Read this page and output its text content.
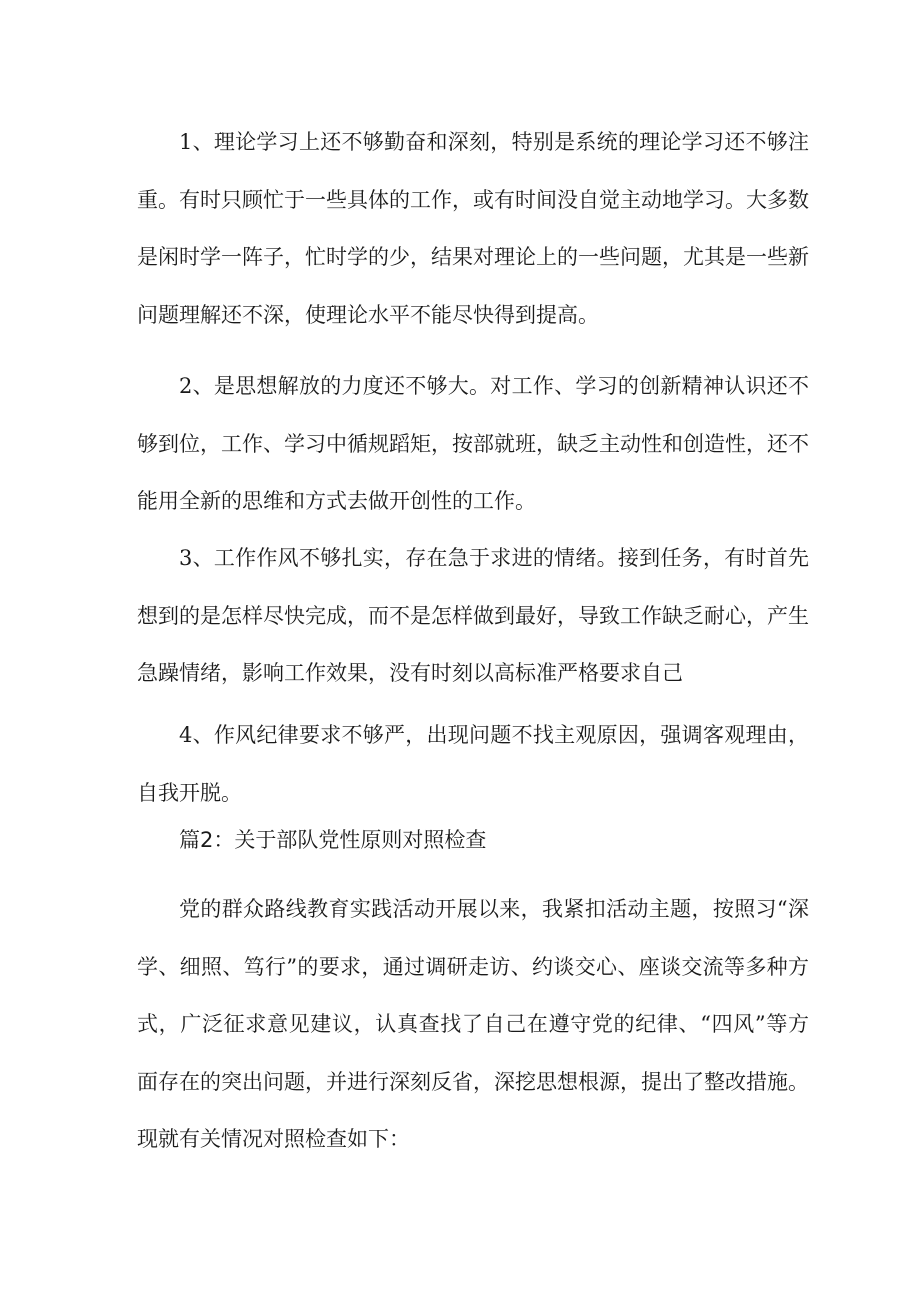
1、理论学习上还不够勤奋和深刻，特别是系统的理论学习还不够注重。有时只顾忙于一些具体的工作，或有时间没自觉主动地学习。大多数是闲时学一阵子，忙时学的少，结果对理论上的一些问题，尤其是一些新问题理解还不深，使理论水平不能尽快得到提高。

2、是思想解放的力度还不够大。对工作、学习的创新精神认识还不够到位，工作、学习中循规蹈矩，按部就班，缺乏主动性和创造性，还不能用全新的思维和方式去做开创性的工作。

3、工作作风不够扎实，存在急于求进的情绪。接到任务，有时首先想到的是怎样尽快完成，而不是怎样做到最好，导致工作缺乏耐心，产生急躁情绪，影响工作效果，没有时刻以高标准严格要求自己

4、作风纪律要求不够严，出现问题不找主观原因，强调客观理由，自我开脱。

篇2：关于部队党性原则对照检查

党的群众路线教育实践活动开展以来，我紧扣活动主题，按照习“深学、细照、笃行”的要求，通过调研走访、约谈交心、座谈交流等多种方式，广泛征求意见建议，认真查找了自己在遵守党的纪律、“四风”等方面存在的突出问题，并进行深刻反省，深挖思想根源，提出了整改措施。现就有关情况对照检查如下：
